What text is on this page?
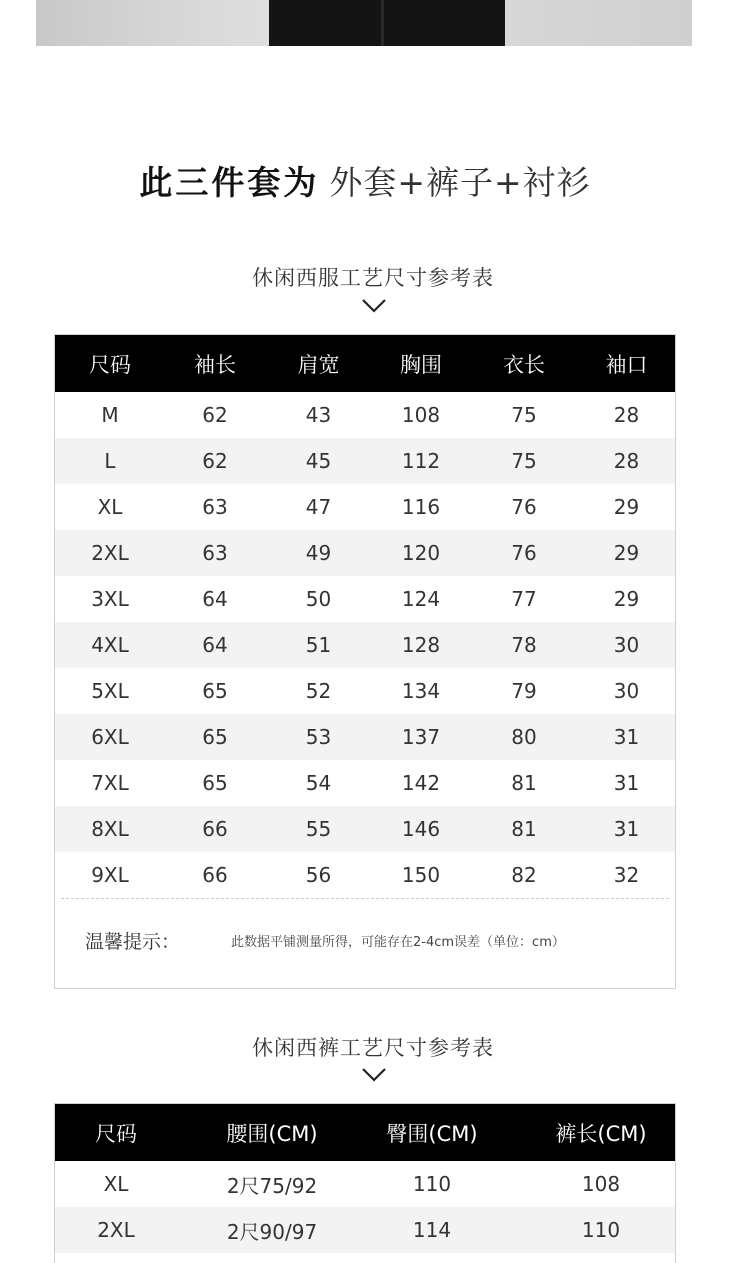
此三件套为 外套+裤子+衬衫
休闲西服工艺尺寸参考表
尺码	袖长	肩宽	胸围	衣长	袖口
M	62	43	108	75	28
L	62	45	112	75	28
XL	63	47	116	76	29
2XL	63	49	120	76	29
3XL	64	50	124	77	29
4XL	64	51	128	78	30
5XL	65	52	134	79	30
6XL	65	53	137	80	31
7XL	65	54	142	81	31
8XL	66	55	146	81	31
9XL	66	56	150	82	32
温馨提示：	此数据平铺测量所得，可能存在2-4cm误差（单位：cm）
休闲西裤工艺尺寸参考表
尺码	腰围(CM)	臀围(CM)	裤长(CM)
XL	2尺75/92	110	108
2XL	2尺90/97	114	110
